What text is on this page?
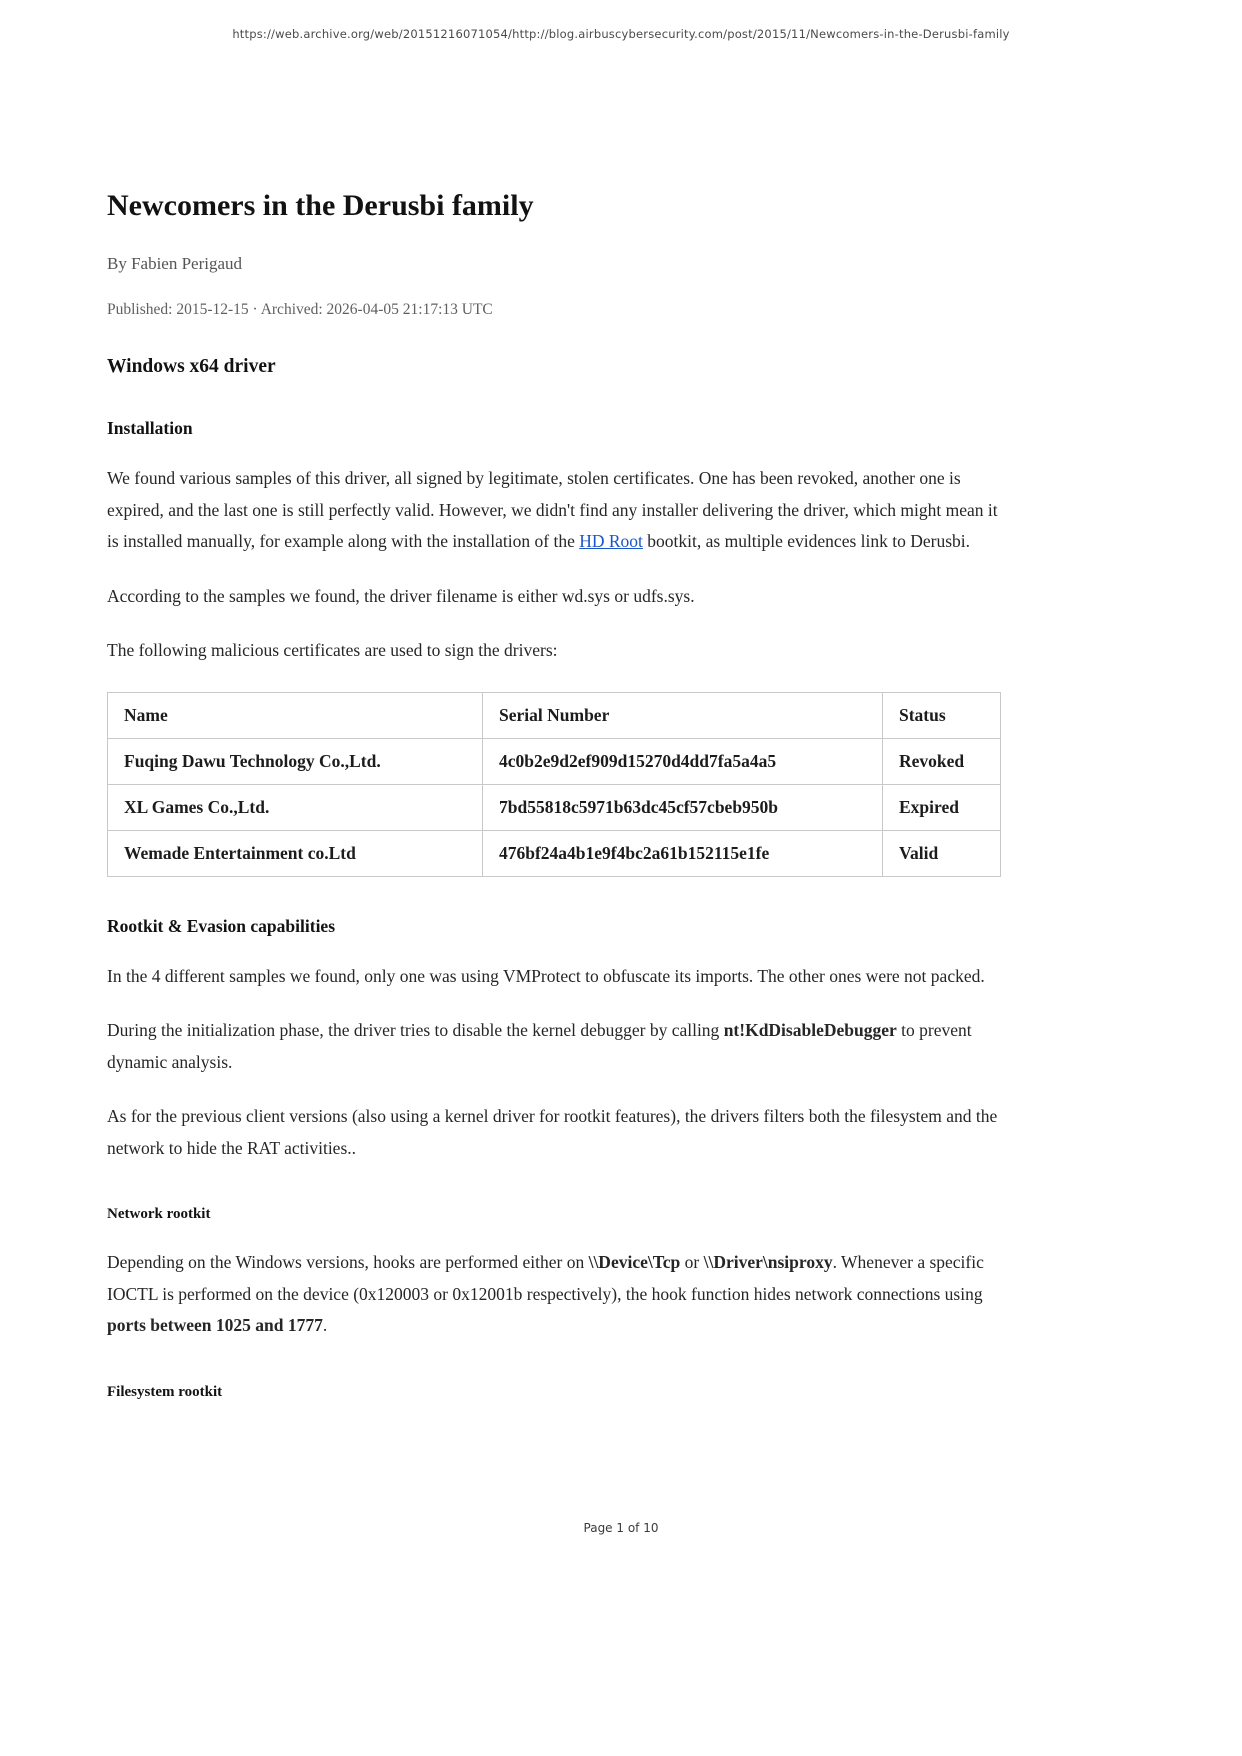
https://web.archive.org/web/20151216071054/http://blog.airbuscybersecurity.com/post/2015/11/Newcomers-in-the-Derusbi-family
Newcomers in the Derusbi family

By Fabien Perigaud

Published: 2015-12-15 · Archived: 2026-04-05 21:17:13 UTC

Windows x64 driver
Installation

We found various samples of this driver, all signed by legitimate, stolen certificates. One has been revoked, another one is expired, and the last one is still perfectly valid. However, we didn't find any installer delivering the driver, which might mean it is installed manually, for example along with the installation of the HD Root bootkit, as multiple evidences link to Derusbi.

According to the samples we found, the driver filename is either wd.sys or udfs.sys.

The following malicious certificates are used to sign the drivers:

Name	Serial Number	Status
Fuqing Dawu Technology Co.,Ltd.	4c0b2e9d2ef909d15270d4dd7fa5a4a5	Revoked
XL Games Co.,Ltd.	7bd55818c5971b63dc45cf57cbeb950b	Expired
Wemade Entertainment co.Ltd	476bf24a4b1e9f4bc2a61b152115e1fe	Valid
Rootkit & Evasion capabilities

In the 4 different samples we found, only one was using VMProtect to obfuscate its imports. The other ones were not packed.

During the initialization phase, the driver tries to disable the kernel debugger by calling nt!KdDisableDebugger to prevent dynamic analysis.

As for the previous client versions (also using a kernel driver for rootkit features), the drivers filters both the filesystem and the network to hide the RAT activities..

Network rootkit

Depending on the Windows versions, hooks are performed either on \\Device\Tcp or \\Driver\nsiproxy. Whenever a specific IOCTL is performed on the device (0x120003 or 0x12001b respectively), the hook function hides network connections using ports between 1025 and 1777.

Filesystem rootkit
Page 1 of 10
